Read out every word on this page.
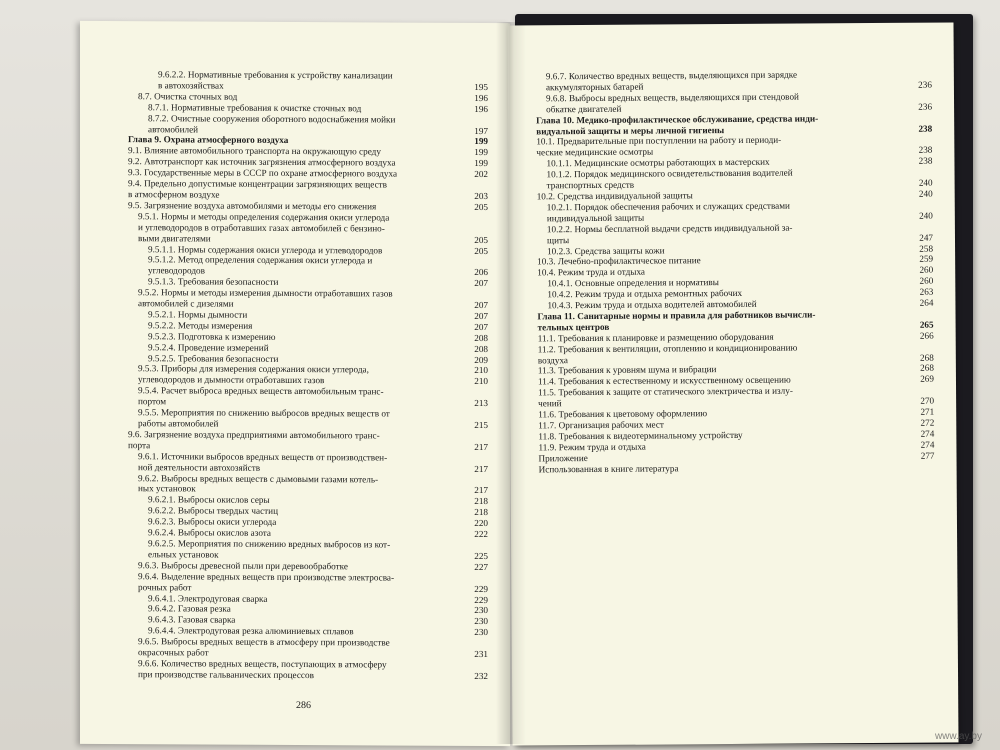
9.6.2.2. Нормативные требования к устройству канализации
в автохозяйствах	195
8.7. Очистка сточных вод	196
8.7.1. Нормативные требования к очистке сточных вод	196
8.7.2. Очистные сооружения оборотного водоснабжения мойки
автомобилей	197
Глава 9. Охрана атмосферного воздуха	199
9.1. Влияние автомобильного транспорта на окружающую среду	199
9.2. Автотранспорт как источник загрязнения атмосферного воздуха	199
9.3. Государственные меры в СССР по охране атмосферного воздуха	202
9.4. Предельно допустимые концентрации загрязняющих веществ
в атмосферном воздухе	203
9.5. Загрязнение воздуха автомобилями и методы его снижения	205
9.5.1. Нормы и методы определения содержания окиси углерода
и углеводородов в отработавших газах автомобилей с бензино-
выми двигателями	205
9.5.1.1. Нормы содержания окиси углерода и углеводородов	205
9.5.1.2. Метод определения содержания окиси углерода и
углеводородов	206
9.5.1.3. Требования безопасности	207
9.5.2. Нормы и методы измерения дымности отработавших газов
автомобилей с дизелями	207
9.5.2.1. Нормы дымности	207
9.5.2.2. Методы измерения	207
9.5.2.3. Подготовка к измерению	208
9.5.2.4. Проведение измерений	208
9.5.2.5. Требования безопасности	209
9.5.3. Приборы для измерения содержания окиси углерода,	210
углеводородов и дымности отработавших газов	210
9.5.4. Расчет выброса вредных веществ автомобильным транс-
портом	213
9.5.5. Мероприятия по снижению выбросов вредных веществ от
работы автомобилей	215
9.6. Загрязнение воздуха предприятиями автомобильного транс-
порта	217
9.6.1. Источники выбросов вредных веществ от производствен-
ной деятельности автохозяйств	217
9.6.2. Выбросы вредных веществ с дымовыми газами котель-
ных установок	217
9.6.2.1. Выбросы окислов серы	218
9.6.2.2. Выбросы твердых частиц	218
9.6.2.3. Выбросы окиси углерода	220
9.6.2.4. Выбросы окислов азота	222
9.6.2.5. Мероприятия по снижению вредных выбросов из кот-
ельных установок	225
9.6.3. Выбросы древесной пыли при деревообработке	227
9.6.4. Выделение вредных веществ при производстве электросва-
рочных работ	229
9.6.4.1. Электродуговая сварка	229
9.6.4.2. Газовая резка	230
9.6.4.3. Газовая сварка	230
9.6.4.4. Электродуговая резка алюминиевых сплавов	230
9.6.5. Выбросы вредных веществ в атмосферу при производстве
окрасочных работ	231
9.6.6. Количество вредных веществ, поступающих в атмосферу
при производстве гальванических процессов	232
286
9.6.7. Количество вредных веществ, выделяющихся при зарядке
аккумуляторных батарей	236
9.6.8. Выбросы вредных веществ, выделяющихся при стендовой
обкатке двигателей	236
Глава 10. Медико-профилактическое обслуживание, средства инди-
видуальной защиты и меры личной гигиены	238
10.1. Предварительные при поступлении на работу и периоди-
ческие медицинские осмотры	238
10.1.1. Медицинские осмотры работающих в мастерских	238
10.1.2. Порядок медицинского освидетельствования водителей
транспортных средств	240
10.2. Средства индивидуальной защиты	240
10.2.1. Порядок обеспечения рабочих и служащих средствами
индивидуальной защиты	240
10.2.2. Нормы бесплатной выдачи средств индивидуальной за-
щиты	247
10.2.3. Средства защиты кожи	258
10.3. Лечебно-профилактическое питание	259
10.4. Режим труда и отдыха	260
10.4.1. Основные определения и нормативы	260
10.4.2. Режим труда и отдыха ремонтных рабочих	263
10.4.3. Режим труда и отдыха водителей автомобилей	264
Глава 11. Санитарные нормы и правила для работников вычисли-
тельных центров	265
11.1. Требования к планировке и размещению оборудования	266
11.2. Требования к вентиляции, отоплению и кондиционированию
воздуха	268
11.3. Требования к уровням шума и вибрации	268
11.4. Требования к естественному и искусственному освещению	269
11.5. Требования к защите от статического электричества и излу-
чений	270
11.6. Требования к цветовому оформлению	271
11.7. Организация рабочих мест	272
11.8. Требования к видеотерминальному устройству	274
11.9. Режим труда и отдыха	274
Приложение	277
Использованная в книге литература
www.ay.by
